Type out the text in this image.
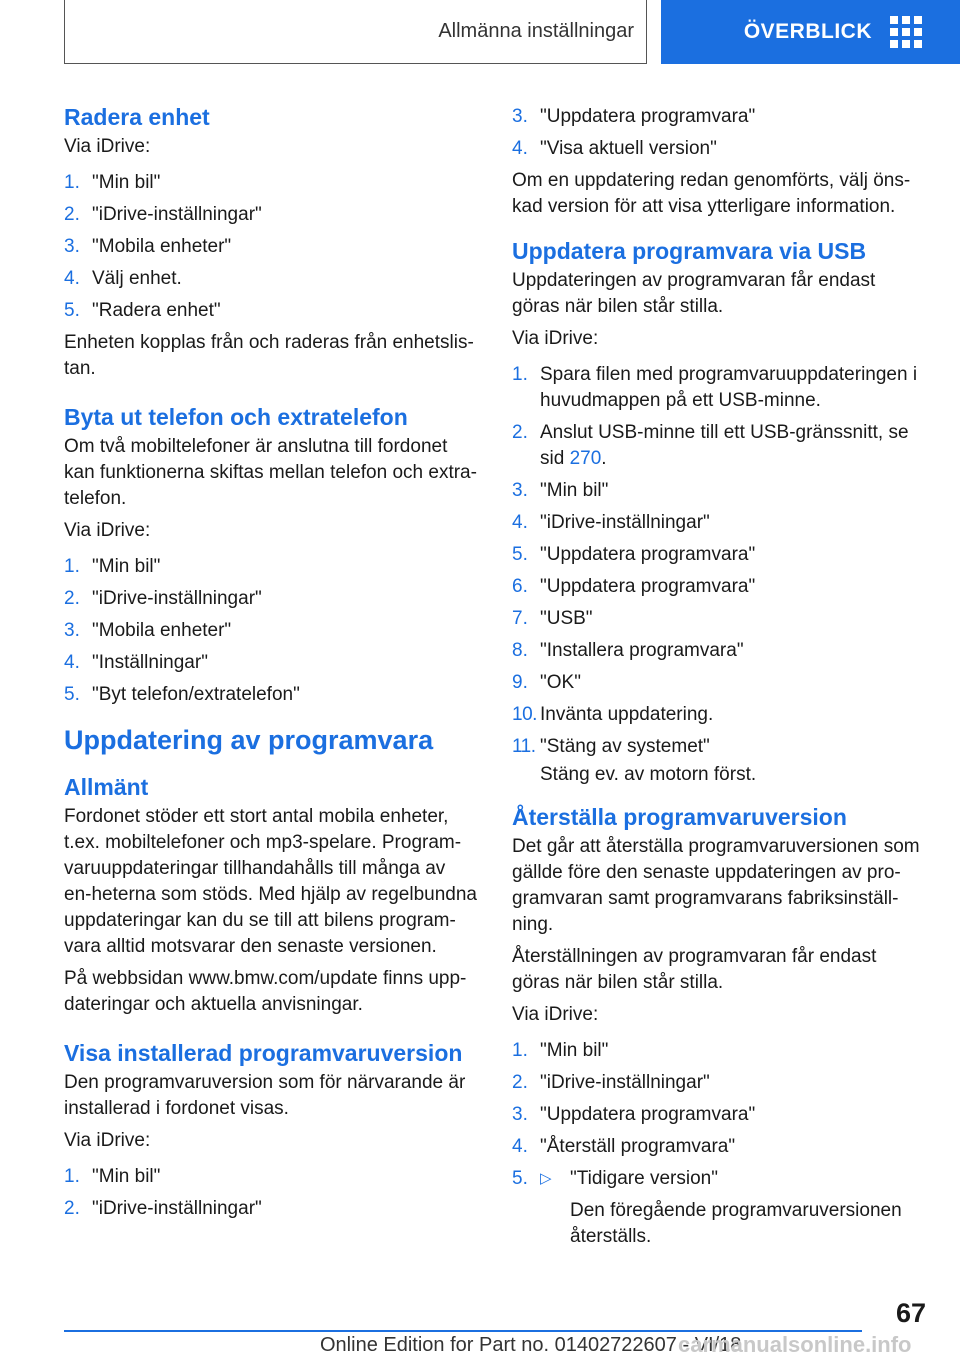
Allmänna inställningar	ÖVERBLICK
Radera enhet

Via iDrive:

1. "Min bil"
2. "iDrive-inställningar"
3. "Mobila enheter"
4. Välj enhet.
5. "Radera enhet"

Enheten kopplas från och raderas från enhetslis-tan.

Byta ut telefon och extratelefon

Om två mobiltelefoner är anslutna till fordonet kan funktionerna skiftas mellan telefon och extra-telefon.

Via iDrive:

1. "Min bil"
2. "iDrive-inställningar"
3. "Mobila enheter"
4. "Inställningar"
5. "Byt telefon/extratelefon"
Uppdatering av programvara
Allmänt

Fordonet stöder ett stort antal mobila enheter, t.ex. mobiltelefoner och mp3-spelare. Program-varuuppdateringar tillhandahålls till många av en-heterna som stöds. Med hjälp av regelbundna uppdateringar kan du se till att bilens program-vara alltid motsvarar den senaste versionen.

På webbsidan www.bmw.com/update finns upp-dateringar och aktuella anvisningar.

Visa installerad programvaruversion

Den programvaruversion som för närvarande är installerad i fordonet visas.

Via iDrive:

1. "Min bil"
2. "iDrive-inställningar"
3. "Uppdatera programvara"
4. "Visa aktuell version"

Om en uppdatering redan genomförts, välj öns-kad version för att visa ytterligare information.

Uppdatera programvara via USB

Uppdateringen av programvaran får endast göras när bilen står stilla.

Via iDrive:

1. Spara filen med programvaruuppdateringen i huvudmappen på ett USB-minne.
2. Anslut USB-minne till ett USB-gränssnitt, se sid 270.
3. "Min bil"
4. "iDrive-inställningar"
5. "Uppdatera programvara"
6. "Uppdatera programvara"
7. "USB"
8. "Installera programvara"
9. "OK"
10. Invänta uppdatering.
11. "Stäng av systemet"

Stäng ev. av motorn först.

Återställa programvaruversion

Det går att återställa programvaruversionen som gällde före den senaste uppdateringen av pro-gramvaran samt programvarans fabriksinställ-ning.

Återställningen av programvaran får endast göras när bilen står stilla.

Via iDrive:

1. "Min bil"
2. "iDrive-inställningar"
3. "Uppdatera programvara"
4. "Återställ programvara"
5. ▷ "Tidigare version"

Den föregående programvaruversionen återställs.

67
Online Edition for Part no. 01402722607 - VI/18
carmanualsonline.info
